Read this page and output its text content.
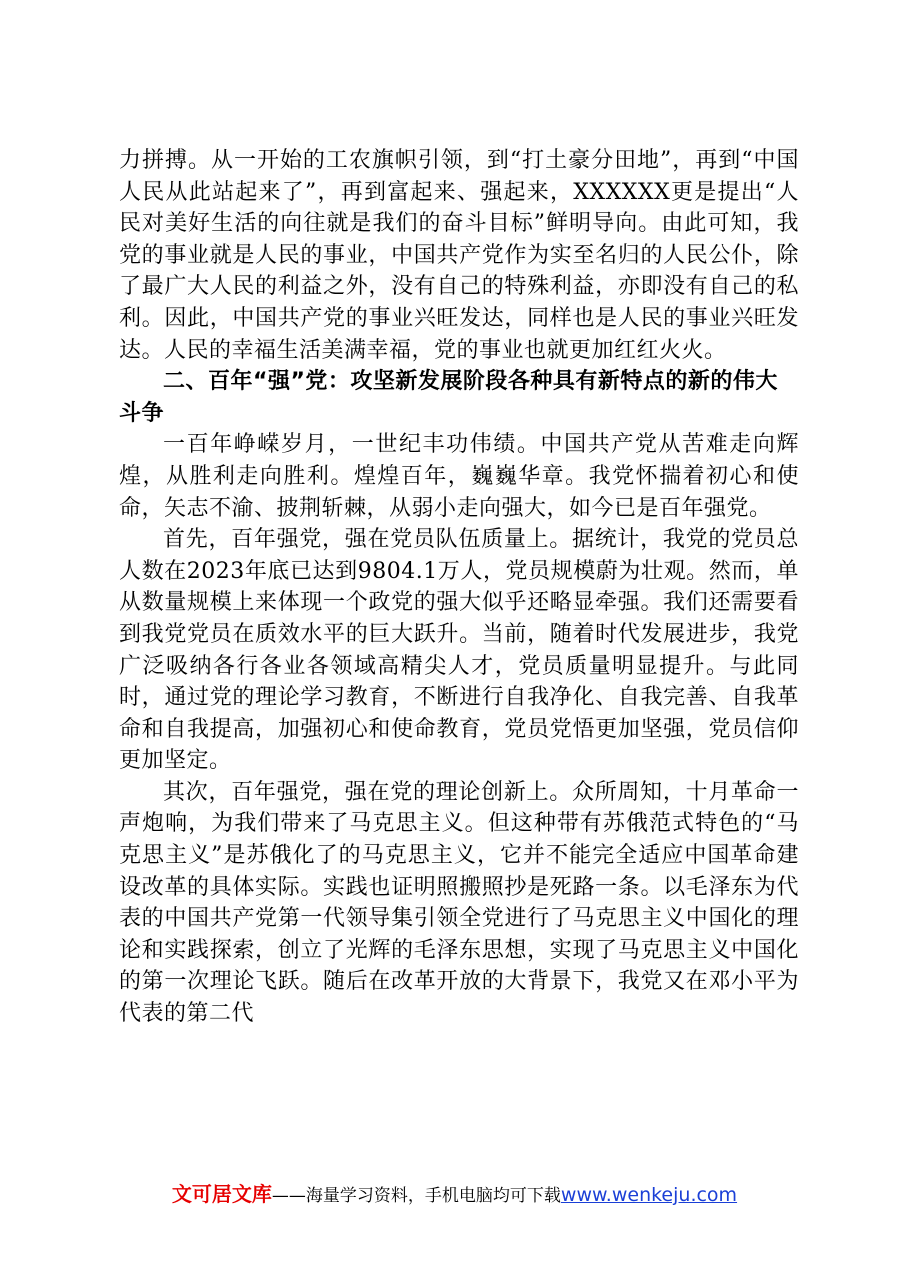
力拼搏。从一开始的工农旗帜引领，到“打土豪分田地”，再到“中国人民从此站起来了”，再到富起来、强起来，XXXXXX更是提出“人民对美好生活的向往就是我们的奋斗目标”鲜明导向。由此可知，我党的事业就是人民的事业，中国共产党作为实至名归的人民公仆，除了最广大人民的利益之外，没有自己的特殊利益，亦即没有自己的私利。因此，中国共产党的事业兴旺发达，同样也是人民的事业兴旺发达。人民的幸福生活美满幸福，党的事业也就更加红红火火。

二、百年“强”党：攻坚新发展阶段各种具有新特点的新的伟大斗争

一百年峥嵘岁月，一世纪丰功伟绩。中国共产党从苦难走向辉煌，从胜利走向胜利。煌煌百年，巍巍华章。我党怀揣着初心和使命，矢志不渝、披荆斩棘，从弱小走向强大，如今已是百年强党。

首先，百年强党，强在党员队伍质量上。据统计，我党的党员总人数在2023年底已达到9804.1万人，党员规模蔚为壮观。然而，单从数量规模上来体现一个政党的强大似乎还略显牵强。我们还需要看到我党党员在质效水平的巨大跃升。当前，随着时代发展进步，我党广泛吸纳各行各业各领域高精尖人才，党员质量明显提升。与此同时，通过党的理论学习教育，不断进行自我净化、自我完善、自我革命和自我提高，加强初心和使命教育，党员党悟更加坚强，党员信仰更加坚定。

其次，百年强党，强在党的理论创新上。众所周知，十月革命一声炮响，为我们带来了马克思主义。但这种带有苏俄范式特色的“马克思主义”是苏俄化了的马克思主义，它并不能完全适应中国革命建设改革的具体实际。实践也证明照搬照抄是死路一条。以毛泽东为代表的中国共产党第一代领导集引领全党进行了马克思主义中国化的理论和实践探索，创立了光辉的毛泽东思想，实现了马克思主义中国化的第一次理论飞跃。随后在改革开放的大背景下，我党又在邓小平为代表的第二代

文可居文库——海量学习资料，手机电脑均可下载www.wenkeju.com
